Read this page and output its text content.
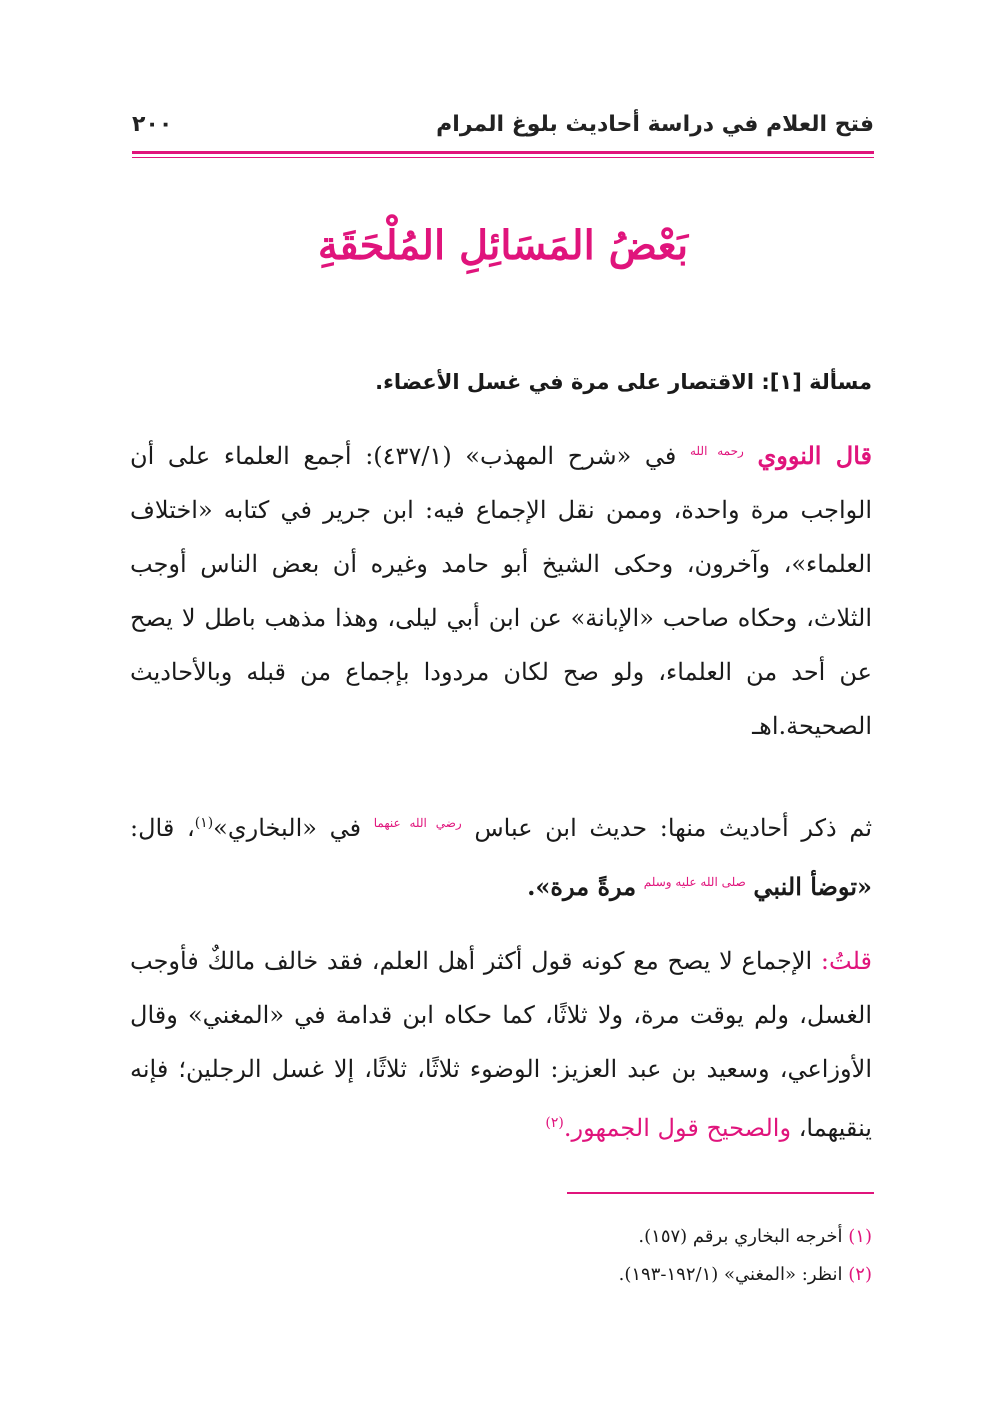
فتح العلام في دراسة أحاديث بلوغ المرام
٢٠٠
بَعْضُ المَسَائِلِ المُلْحَقَةِ
مسألة [١]: الاقتصار على مرة في غسل الأعضاء.
قال النووي $^{رحمه الله}$ في «شرح المهذب» (٤٣٧/١): أجمع العلماء على أن الواجب مرة واحدة، وممن نقل الإجماع فيه: ابن جرير في كتابه «اختلاف العلماء»، وآخرون، وحكى الشيخ أبو حامد وغيره أن بعض الناس أوجب الثلاث، وحكاه صاحب «الإبانة» عن ابن أبي ليلى، وهذا مذهب باطل لا يصح عن أحد من العلماء، ولو صح لكان مردودا بإجماع من قبله وبالأحاديث الصحيحة.اهـ
ثم ذكر أحاديث منها: حديث ابن عباس $^{رضي الله عنهما}$ في «البخاري»$^{(١)}$، قال: «توضأ النبي $^{صلى الله عليه وسلم}$ مرةً مرة».
قلتُ: الإجماع لا يصح مع كونه قول أكثر أهل العلم، فقد خالف مالكٌ فأوجب الغسل، ولم يوقت مرة، ولا ثلاثًا، كما حكاه ابن قدامة في «المغني» وقال الأوزاعي، وسعيد بن عبد العزيز: الوضوء ثلاثًا، ثلاثًا، إلا غسل الرجلين؛ فإنه ينقيهما، والصحيح قول الجمهور.$^{(٢)}$
(١) أخرجه البخاري برقم (١٥٧).
(٢) انظر: «المغني» (١٩٢/١-١٩٣).
